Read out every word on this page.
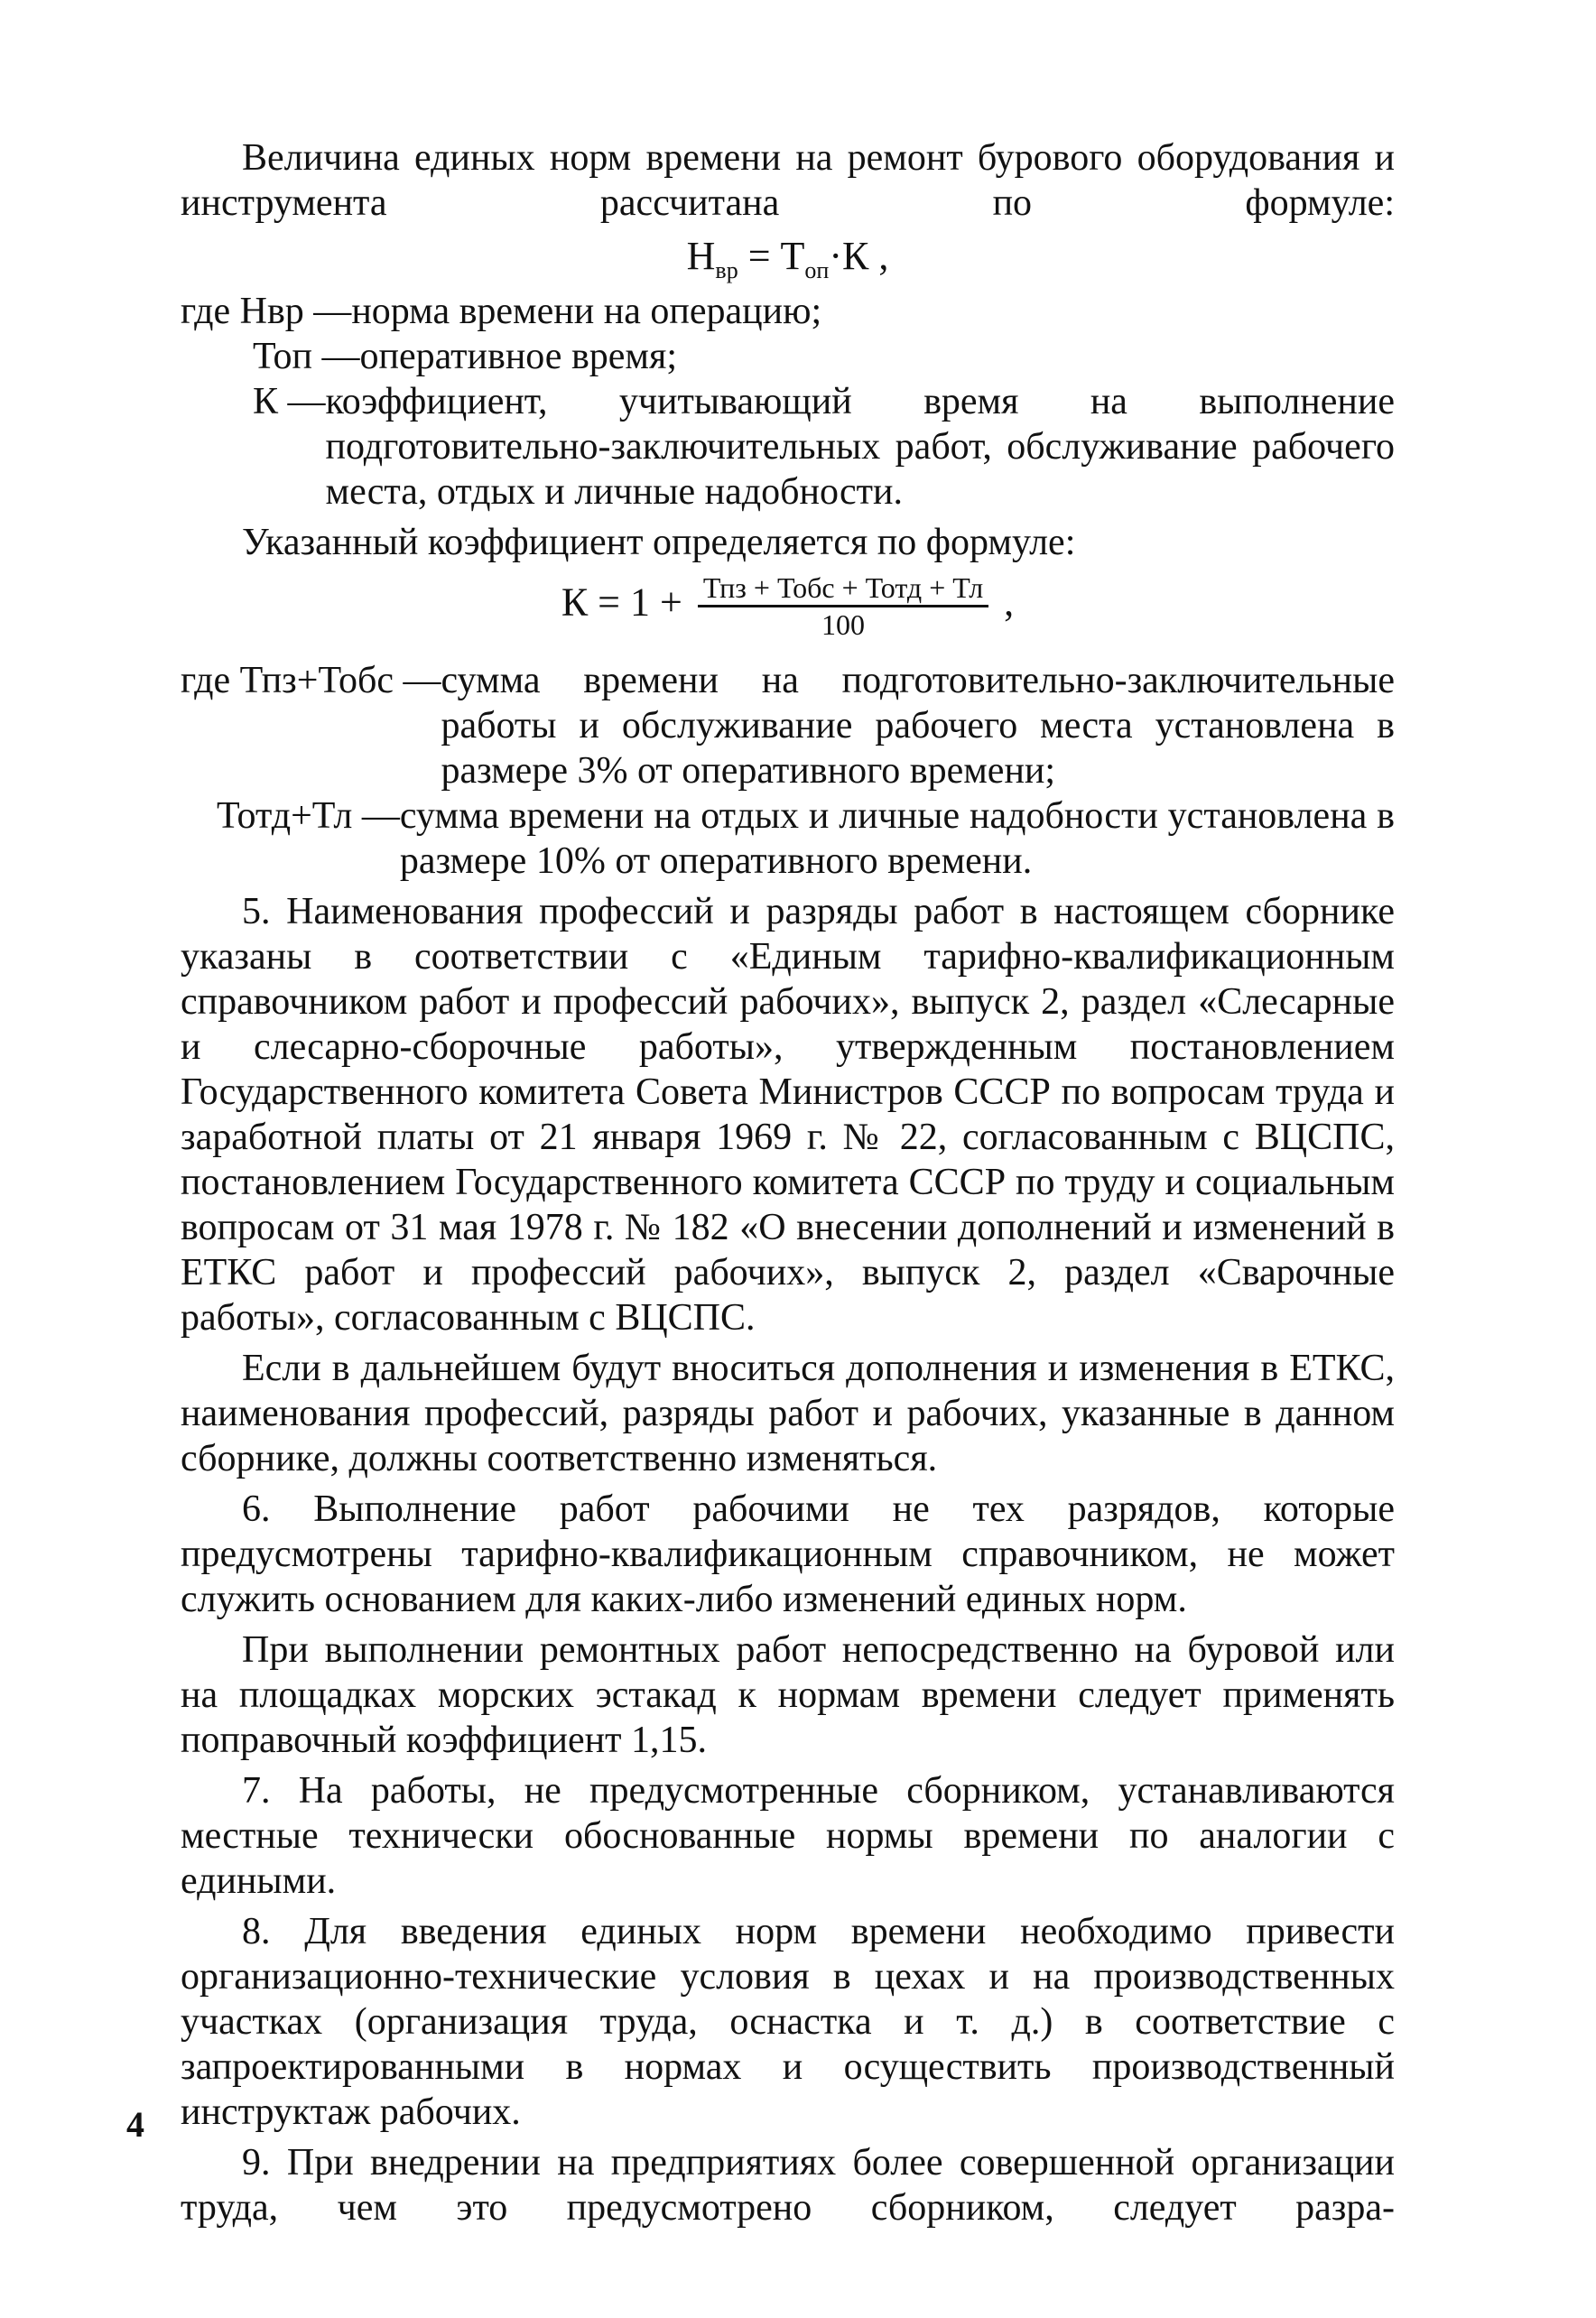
Величина единых норм времени на ремонт бурового оборудования и инструмента рассчитана по формуле:

$Н_{вр} = Т_{оп}\cdot К$ ,
где Нвр — норма времени на операцию;
Топ — оперативное время;
К — коэффициент, учитывающий время на выполнение подготовительно-заключительных работ, обслуживание рабочего места, отдых и личные надобности.

Указанный коэффициент определяется по формуле:

$К = 1 + \frac{\text{Тпз + Тобс + Тотд + Тл}}{100}$ ,
где Тпз+Тобс — сумма времени на подготовительно-заключительные работы и обслуживание рабочего места установлена в размере 3% от оперативного времени;
Тотд+Тл — сумма времени на отдых и личные надобности установлена в размере 10% от оперативного времени.

5. Наименования профессий и разряды работ в настоящем сборнике указаны в соответствии с «Единым тарифно-квалификационным справочником работ и профессий рабочих», выпуск 2, раздел «Слесарные и слесарно-сборочные работы», утвержденным постановлением Государственного комитета Совета Министров СССР по вопросам труда и заработной платы от 21 января 1969 г. № 22, согласованным с ВЦСПС, постановлением Государственного комитета СССР по труду и социальным вопросам от 31 мая 1978 г. № 182 «О внесении дополнений и изменений в ЕТКС работ и профессий рабочих», выпуск 2, раздел «Сварочные работы», согласованным с ВЦСПС.

Если в дальнейшем будут вноситься дополнения и изменения в ЕТКС, наименования профессий, разряды работ и рабочих, указанные в данном сборнике, должны соответственно изменяться.

6. Выполнение работ рабочими не тех разрядов, которые предусмотрены тарифно-квалификационным справочником, не может служить основанием для каких-либо изменений единых норм.

При выполнении ремонтных работ непосредственно на буровой или на площадках морских эстакад к нормам времени следует применять поправочный коэффициент 1,15.

7. На работы, не предусмотренные сборником, устанавливаются местные технически обоснованные нормы времени по аналогии с едиными.

8. Для введения единых норм времени необходимо привести организационно-технические условия в цехах и на производственных участках (организация труда, оснастка и т. д.) в соответствие с запроектированными в нормах и осуществить производственный инструктаж рабочих.

9. При внедрении на предприятиях более совершенной организации труда, чем это предусмотрено сборником, следует разра-

4
